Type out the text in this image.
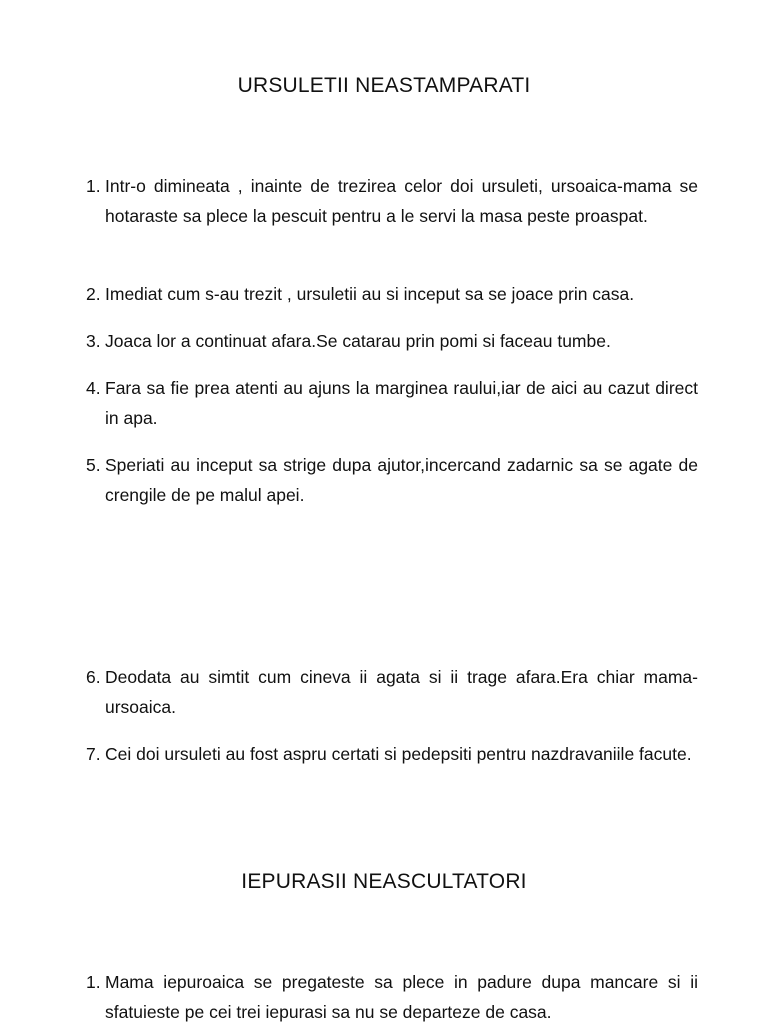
URSULETII NEASTAMPARATI
1. Intr-o dimineata , inainte de trezirea celor doi ursuleti, ursoaica-mama se hotaraste sa plece la pescuit pentru a le servi la masa peste proaspat.
2. Imediat cum s-au trezit , ursuletii au si inceput sa se joace prin casa.
3. Joaca lor a continuat afara.Se catarau prin pomi si faceau tumbe.
4. Fara sa fie prea atenti au ajuns la marginea raului,iar de aici au cazut direct in apa.
5. Speriati au inceput sa strige dupa ajutor,incercand zadarnic sa se agate de crengile de pe malul apei.
6. Deodata au simtit cum cineva ii agata si ii trage afara.Era chiar mama-ursoaica.
7. Cei doi ursuleti au fost aspru certati si pedepsiti pentru nazdravaniile facute.
IEPURASII NEASCULTATORI
1. Mama iepuroaica se pregateste sa plece in padure dupa mancare si ii sfatuieste pe cei trei iepurasi sa nu se departeze de casa.
